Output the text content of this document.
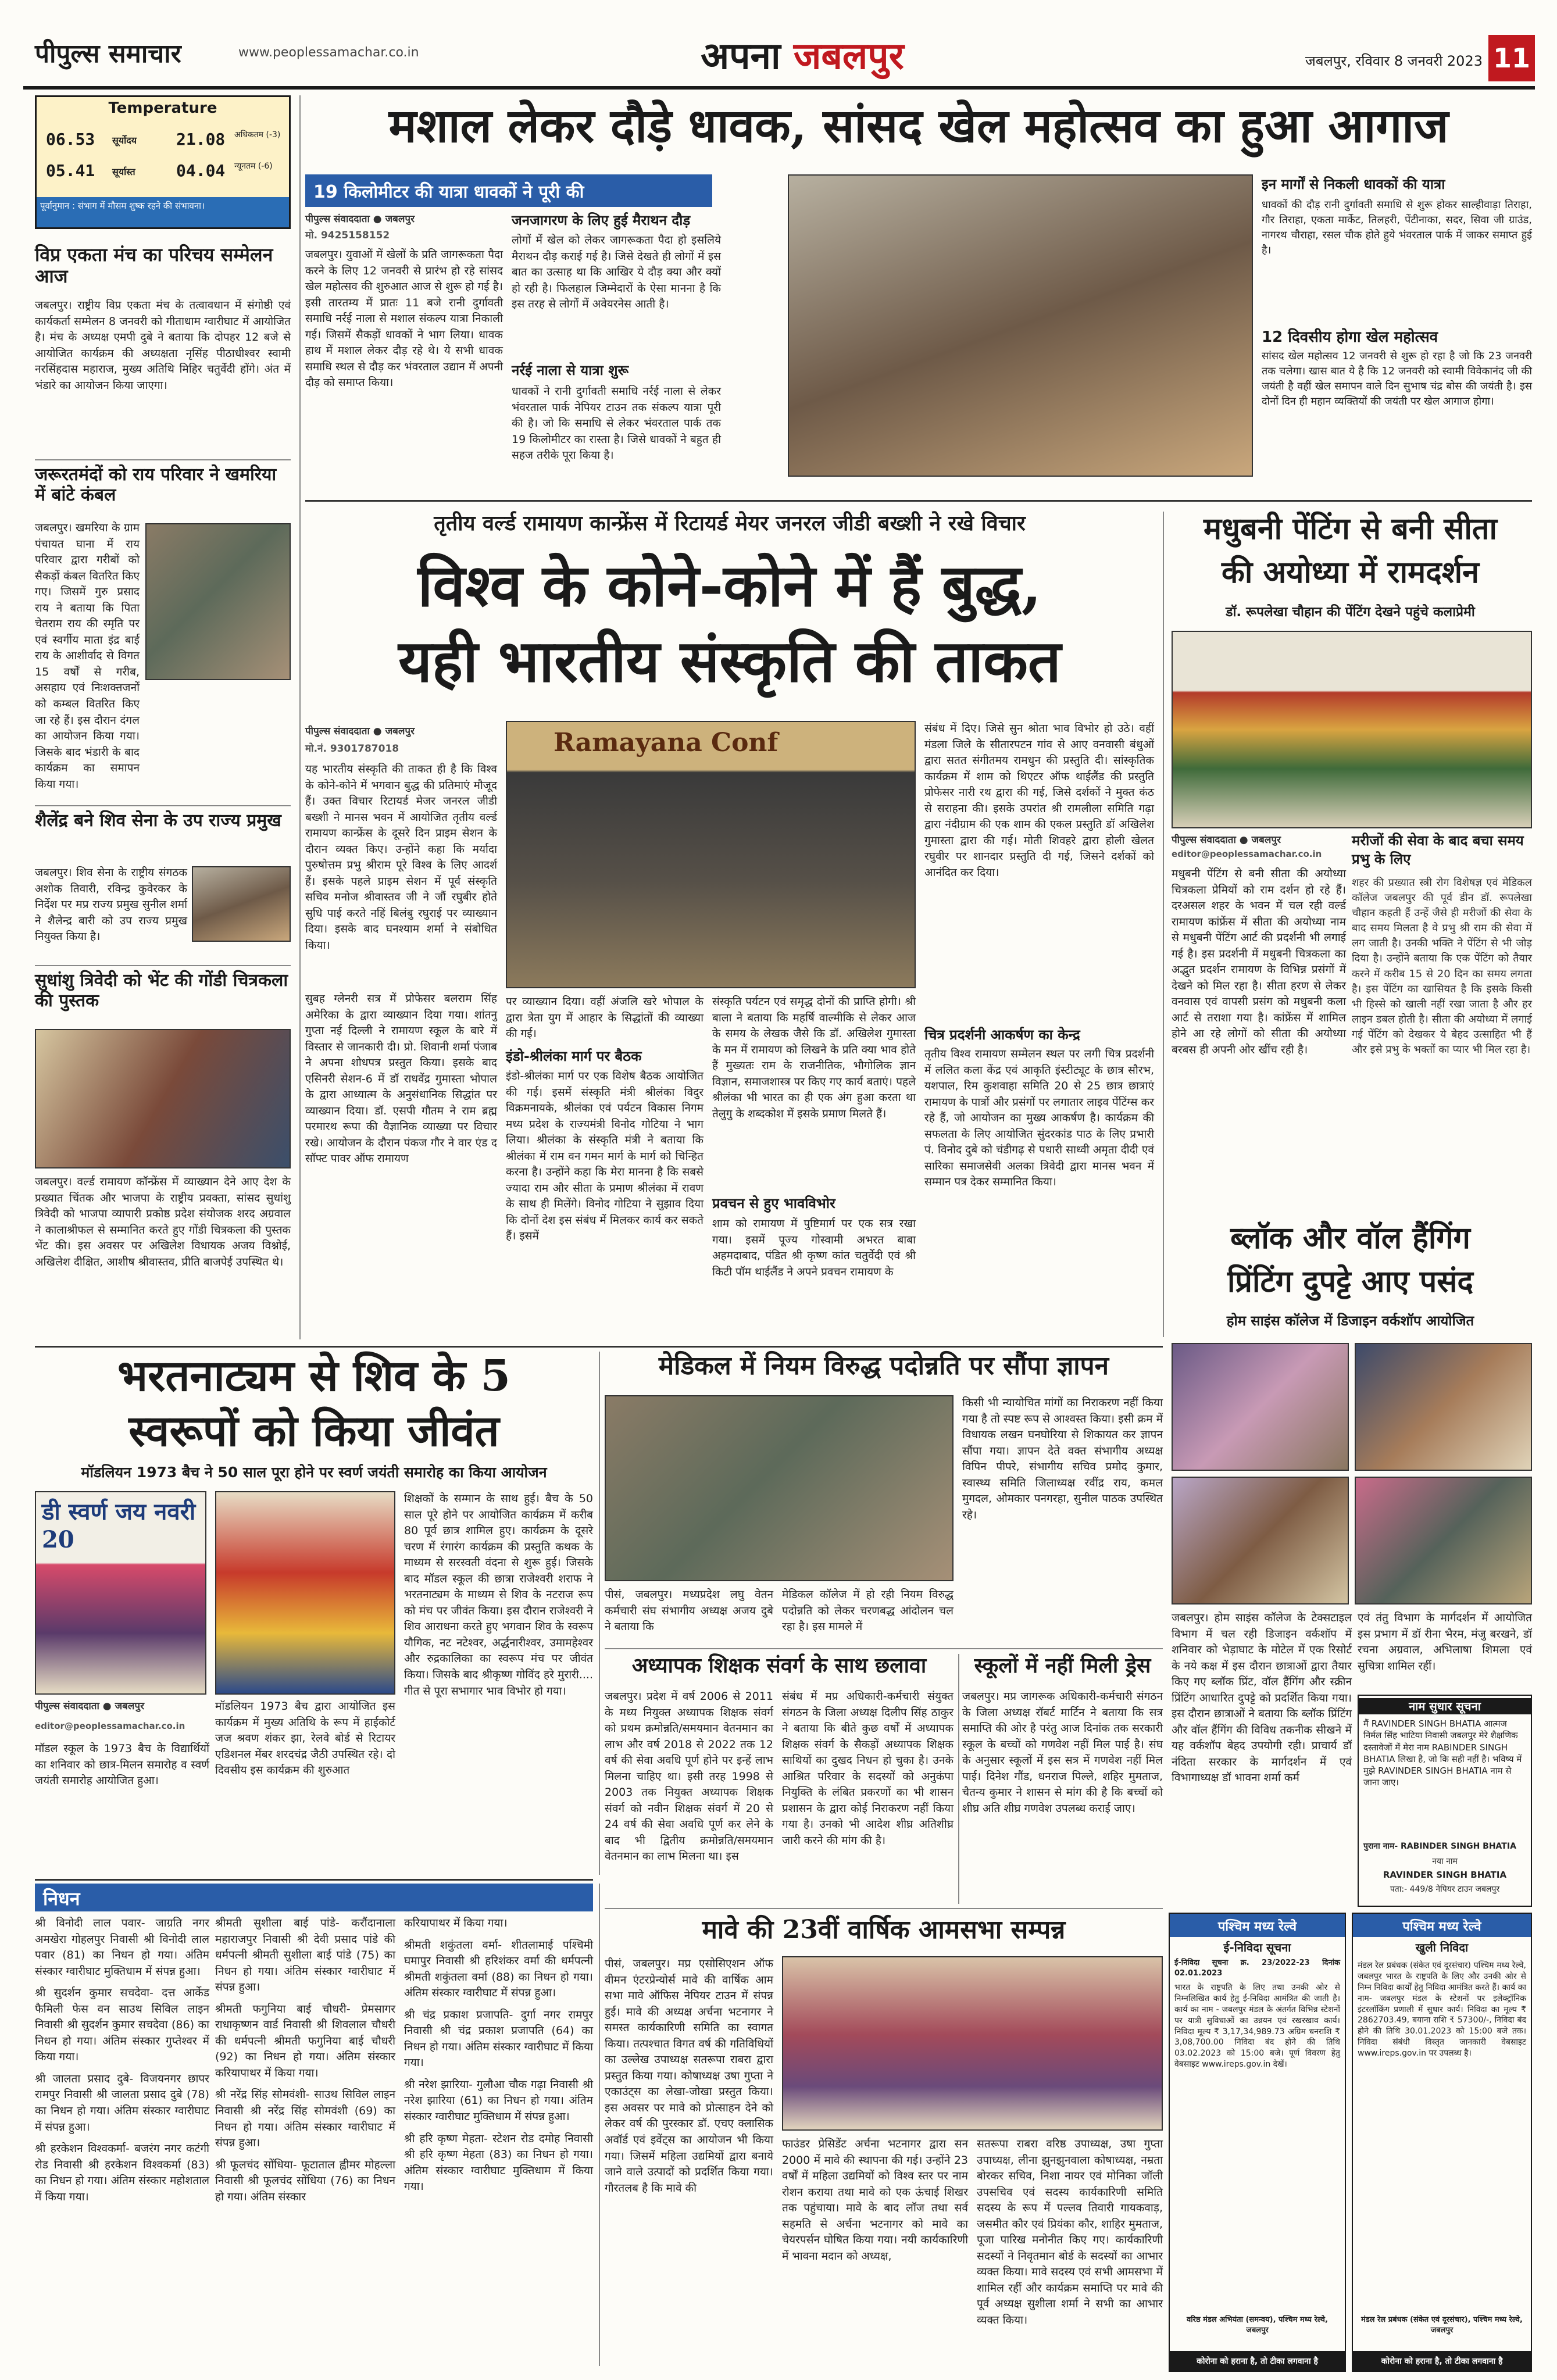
पीपुल्स समाचार	www.peoplessamachar.co.in	अपना जबलपुर	जबलपुर, रविवार 8 जनवरी 2023 11
Temperature
06.53	सूर्योदय
05.41	सूर्यास्त
21.08	अधिकतम (-3)
04.04	न्यूनतम (-6)
पूर्वानुमान : संभाग में मौसम शुष्क रहने की संभावना।
विप्र एकता मंच का परिचय सम्मेलन आज
जबलपुर। राष्ट्रीय विप्र एकता मंच के तत्वावधान में संगोष्ठी एवं कार्यकर्ता सम्मेलन 8 जनवरी को गीताधाम ग्वारीघाट में आयोजित है। मंच के अध्यक्ष एमपी दुबे ने बताया कि दोपहर 12 बजे से आयोजित कार्यक्रम की अध्यक्षता नृसिंह पीठाधीश्वर स्वामी नरसिंहदास महाराज, मुख्य अतिथि मिहिर चतुर्वेदी होंगे। अंत में भंडारे का आयोजन किया जाएगा।
जरूरतमंदों को राय परिवार ने खमरिया में बांटे कंबल
जबलपुर। खमरिया के ग्राम पंचायत घाना में राय परिवार द्वारा गरीबों को सैकड़ों कंबल वितरित किए गए। जिसमें गुरु प्रसाद राय ने बताया कि पिता चेतराम राय की स्मृति पर एवं स्वर्गीय माता इंद्र बाई राय के आशीर्वाद से विगत 15 वर्षों से गरीब, असहाय एवं निःशक्तजनों को कम्बल वितरित किए जा रहे हैं। इस दौरान दंगल का आयोजन किया गया। जिसके बाद भंडारी के बाद कार्यक्रम का समापन किया गया।
शैलेंद्र बने शिव सेना के उप राज्य प्रमुख
जबलपुर। शिव सेना के राष्ट्रीय संगठक अशोक तिवारी, रविन्द्र कुवेरकर के निर्देश पर मप्र राज्य प्रमुख सुनील शर्मा ने शैलेन्द्र बारी को उप राज्य प्रमुख नियुक्त किया है।
सुधांशु त्रिवेदी को भेंट की गोंडी चित्रकला की पुस्तक
जबलपुर। वर्ल्ड रामायण कॉन्फ्रेंस में व्याख्यान देने आए देश के प्रख्यात चिंतक और भाजपा के राष्ट्रीय प्रवक्ता, सांसद सुधांशु त्रिवेदी को भाजपा व्यापारी प्रकोष्ठ प्रदेश संयोजक शरद अग्रवाल ने कालाश्रीफल से सम्मानित करते हुए गोंडी चित्रकला की पुस्तक भेंट की। इस अवसर पर अखिलेश विधायक अजय विश्नोई, अखिलेश दीक्षित, आशीष श्रीवास्तव, प्रीति बाजपेई उपस्थित थे।
मशाल लेकर दौड़े धावक, सांसद खेल महोत्सव का हुआ आगाज
19 किलोमीटर की यात्रा धावकों ने पूरी की
पीपुल्स संवाददाता ● जबलपुर
मो. 9425158152
जबलपुर। युवाओं में खेलों के प्रति जागरूकता पैदा करने के लिए 12 जनवरी से प्रारंभ हो रहे सांसद खेल महोत्सव की शुरुआत आज से शुरू हो गई है। इसी तारतम्य में प्रातः 11 बजे रानी दुर्गावती समाधि नर्रई नाला से मशाल संकल्प यात्रा निकाली गई। जिसमें सैकड़ों धावकों ने भाग लिया। धावक हाथ में मशाल लेकर दौड़ रहे थे। ये सभी धावक समाधि स्थल से दौड़ कर भंवरताल उद्यान में अपनी दौड़ को समाप्त किया।
जनजागरण के लिए हुई मैराथन दौड़
लोगों में खेल को लेकर जागरूकता पैदा हो इसलिये मैराथन दौड़ कराई गई है। जिसे देखते ही लोगों में इस बात का उत्साह था कि आखिर ये दौड़ क्या और क्यों हो रही है। फिलहाल जिम्मेदारों के ऐसा मानना है कि इस तरह से लोगों में अवेयरनेस आती है।
नर्रई नाला से यात्रा शुरू
धावकों ने रानी दुर्गावती समाधि नर्रई नाला से लेकर भंवरताल पार्क नेपियर टाउन तक संकल्प यात्रा पूरी की है। जो कि समाधि से लेकर भंवरताल पार्क तक 19 किलोमीटर का रास्ता है। जिसे धावकों ने बहुत ही सहज तरीके पूरा किया है।
इन मार्गों से निकली धावकों की यात्रा
धावकों की दौड़ रानी दुर्गावती समाधि से शुरू होकर साल्हीवाड़ा तिराहा, गौर तिराहा, एकता मार्केट, तिलहरी, पेंटीनाका, सदर, सिवा जी ग्राउंड, नागरथ चौराहा, रसल चौक होते हुये भंवरताल पार्क में जाकर समाप्त हुई है।
12 दिवसीय होगा खेल महोत्सव
सांसद खेल महोत्सव 12 जनवरी से शुरू हो रहा है जो कि 23 जनवरी तक चलेगा। खास बात ये है कि 12 जनवरी को स्वामी विवेकानंद जी की जयंती है वहीं खेल समापन वाले दिन सुभाष चंद्र बोस की जयंती है। इस दोनों दिन ही महान व्यक्तियों की जयंती पर खेल आगाज होगा।
तृतीय वर्ल्ड रामायण कान्फ्रेंस में रिटायर्ड मेयर जनरल जीडी बख्शी ने रखे विचार
विश्व के कोने-कोने में हैं बुद्ध,
यही भारतीय संस्कृति की ताकत
पीपुल्स संवाददाता ● जबलपुर
मो.नं. 9301787018	Ramayana Conf
यह भारतीय संस्कृति की ताकत ही है कि विश्व के कोने-कोने में भगवान बुद्ध की प्रतिमाएं मौजूद हैं। उक्त विचार रिटायर्ड मेजर जनरल जीडी बख्शी ने मानस भवन में आयोजित तृतीय वर्ल्ड रामायण कान्फ्रेंस के दूसरे दिन प्राइम सेशन के दौरान व्यक्त किए। उन्होंने कहा कि मर्यादा पुरुषोत्तम प्रभु श्रीराम पूरे विश्व के लिए आदर्श हैं। इसके पहले प्राइम सेशन में पूर्व संस्कृति सचिव मनोज श्रीवास्तव जी ने जौं रघुबीर होते सुधि पाई करते नहिं बिलंबु रघुराई पर व्याख्यान दिया। इसके बाद घनश्याम शर्मा ने संबोधित किया।
सुबह ग्लेनरी सत्र में प्रोफेसर बलराम सिंह अमेरिका के द्वारा व्याख्यान दिया गया। शांतनु गुप्ता नई दिल्ली ने रामायण स्कूल के बारे में विस्तार से जानकारी दी। प्रो. शिवानी शर्मा पंजाब ने अपना शोधपत्र प्रस्तुत किया। इसके बाद एसिनरी सेशन-6 में डॉ राधवेंद्र गुमास्ता भोपाल के द्वारा आध्यात्म के अनुसंधानिक सिद्धांत पर व्याख्यान दिया। डॉ. एसपी गौतम ने राम ब्रह्म परमारथ रूपा की वैज्ञानिक व्याख्या पर विचार रखे। आयोजन के दौरान पंकज गौर ने वार एंड द सॉफ्ट पावर ऑफ रामायण
पर व्याख्यान दिया। वहीं अंजलि खरे भोपाल के द्वारा त्रेता युग में आहार के सिद्धांतों की व्याख्या की गई।
इंडो-श्रीलंका मार्ग पर बैठक
इंडो-श्रीलंका मार्ग पर एक विशेष बैठक आयोजित की गई। इसमें संस्कृति मंत्री श्रीलंका विदुर विक्रमनायके, श्रीलंका एवं पर्यटन विकास निगम मध्य प्रदेश के राज्यमंत्री विनोद गोटिया ने भाग लिया। श्रीलंका के संस्कृति मंत्री ने बताया कि श्रीलंका में राम वन गमन मार्ग के मार्ग को चिन्हित करना है। उन्होंने कहा कि मेरा मानना है कि सबसे ज्यादा राम और सीता के प्रमाण श्रीलंका में रावण के साथ ही मिलेंगे। विनोद गोटिया ने सुझाव दिया कि दोनों देश इस संबंध में मिलकर कार्य कर सकते हैं। इसमें
संस्कृति पर्यटन एवं समृद्ध दोनों की प्राप्ति होगी। श्री बाला ने बताया कि महर्षि वाल्मीकि से लेकर आज के समय के लेखक जैसे कि डॉ. अखिलेश गुमास्ता के मन में रामायण को लिखने के प्रति क्या भाव होते हैं मुख्यतः राम के राजनीतिक, भौगोलिक ज्ञान विज्ञान, समाजशास्त्र पर किए गए कार्य बताएं। पहले श्रीलंका भी भारत का ही एक अंग हुआ करता था तेलुगु के शब्दकोश में इसके प्रमाण मिलते हैं।
प्रवचन से हुए भावविभोर
शाम को रामायण में पुष्टिमार्ग पर एक सत्र रखा गया। इसमें पूज्य गोस्वामी अभरत बाबा अहमदाबाद, पंडित श्री कृष्ण कांत चतुर्वेदी एवं श्री किटी पॉम थाईलैंड ने अपने प्रवचन रामायण के
संबंध में दिए। जिसे सुन श्रोता भाव विभोर हो उठे। वहीं मंडला जिले के सीतारपटन गांव से आए वनवासी बंधुओं द्वारा सतत संगीतमय रामधुन की प्रस्तुति दी। सांस्कृतिक कार्यक्रम में शाम को थिएटर ऑफ थाईलैंड की प्रस्तुति प्रोफेसर नारी रथ द्वारा की गई, जिसे दर्शकों ने मुक्त कंठ से सराहना की। इसके उपरांत श्री रामलीला समिति गढ़ा द्वारा नंदीग्राम की एक शाम की एकल प्रस्तुति डॉ अखिलेश गुमास्ता द्वारा की गई। मोती शिवहरे द्वारा होली खेलत रघुवीर पर शानदार प्रस्तुति दी गई, जिसने दर्शकों को आनंदित कर दिया।
चित्र प्रदर्शनी आकर्षण का केन्द्र
तृतीय विश्व रामायण सम्मेलन स्थल पर लगी चित्र प्रदर्शनी में ललित कला केंद्र एवं आकृति इंस्टीट्यूट के छात्र सौरभ, यशपाल, रिम कुशवाहा समिति 20 से 25 छात्र छात्राएं रामायण के पात्रों और प्रसंगों पर लगातार लाइव पेंटिंग्स कर रहे हैं, जो आयोजन का मुख्य आकर्षण है। कार्यक्रम की सफलता के लिए आयोजित सुंदरकांड पाठ के लिए प्रभारी पं. विनोद दुबे को चंडीगढ़ से पधारी साध्वी अमृता दीदी एवं सारिका समाजसेवी अलका त्रिवेदी द्वारा मानस भवन में सम्मान पत्र देकर सम्मानित किया।
मधुबनी पेंटिंग से बनी सीता
की अयोध्या में रामदर्शन
डॉ. रूपलेखा चौहान की पेंटिंग देखने पहुंचे कलाप्रेमी
पीपुल्स संवाददाता ● जबलपुर
editor@peoplessamachar.co.in
मधुबनी पेंटिंग से बनी सीता की अयोध्या चित्रकला प्रेमियों को राम दर्शन हो रहे हैं। दरअसल शहर के भवन में चल रही वर्ल्ड रामायण कांफ्रेंस में सीता की अयोध्या नाम से मधुबनी पेंटिंग आर्ट की प्रदर्शनी भी लगाई गई है। इस प्रदर्शनी में मधुबनी चित्रकला का अद्भुत प्रदर्शन रामायण के विभिन्न प्रसंगों में देखने को मिल रहा है। सीता हरण से लेकर वनवास एवं वापसी प्रसंग को मधुबनी कला आर्ट से तराशा गया है। कांफ्रेंस में शामिल होने आ रहे लोगों को सीता की अयोध्या बरबस ही अपनी ओर खींच रही है।
मरीजों की सेवा के बाद बचा समय प्रभु के लिए
शहर की प्रख्यात स्त्री रोग विशेषज्ञ एवं मेडिकल कॉलेज जबलपुर की पूर्व डीन डॉ. रूपलेखा चौहान कहती हैं उन्हें जैसे ही मरीजों की सेवा के बाद समय मिलता है वे प्रभु श्री राम की सेवा में लग जाती है। उनकी भक्ति ने पेंटिंग से भी जोड़ दिया है। उन्होंने बताया कि एक पेंटिंग को तैयार करने में करीब 15 से 20 दिन का समय लगता है। इस पेंटिंग का खासियत है कि इसके किसी भी हिस्से को खाली नहीं रखा जाता है और हर लाइन डबल होती है। सीता की अयोध्या में लगाई गई पेंटिंग को देखकर ये बेहद उत्साहित भी हैं और इसे प्रभु के भक्तों का प्यार भी मिल रहा है।
ब्लॉक और वॉल हैंगिंग
प्रिंटिंग दुपट्टे आए पसंद
होम साइंस कॉलेज में डिजाइन वर्कशॉप आयोजित
जबलपुर। होम साइंस कॉलेज के टेक्सटाइल विभाग में चल रही डिजाइन वर्कशॉप में शनिवार को भेड़ाघाट के मोटेल में एक रिसोर्ट के नये कक्ष में इस दौरान छात्राओं द्वारा तैयार किए गए ब्लॉक प्रिंट, वॉल हैंगिंग और स्क्रीन प्रिंटिंग आधारित दुपट्टे को प्रदर्शित किया गया। इस दौरान छात्राओं ने बताया कि ब्लॉक प्रिंटिंग और वॉल हैंगिंग की विविध तकनीक सीखने में यह वर्कशॉप बेहद उपयोगी रही। प्राचार्य डॉ नंदिता सरकार के मार्गदर्शन में एवं विभागाध्यक्ष डॉ भावना शर्मा कर्म
एवं तंतु विभाग के मार्गदर्शन में आयोजित इस प्रभाग में डॉ रीना भैरम, मंजु बरखने, डॉ रचना अग्रवाल, अभिलाषा शिमला एवं सुचित्रा शामिल रहीं।
नाम सुधार सूचना
मैं RAVINDER SINGH BHATIA आत्मज निर्मल सिंह भाटिया निवासी जबलपुर मेरे शैक्षणिक दस्तावेजों में मेरा नाम RABINDER SINGH BHATIA लिखा है, जो कि सही नहीं है। भविष्य में मुझे RAVINDER SINGH BHATIA नाम से जाना जाए।
पुराना नाम- RABINDER SINGH BHATIA
नया नाम
RAVINDER SINGH BHATIA
पता:- 449/8 नेपियर टाउन जबलपुर
भरतनाट्यम से शिव के 5
स्वरूपों को किया जीवंत
मॉडलियन 1973 बैच ने 50 साल पूरा होने पर स्वर्ण जयंती समारोह का किया आयोजन
डी स्वर्ण जय नवरी 20
पीपुल्स संवाददाता ● जबलपुर
editor@peoplessamachar.co.in
मॉडल स्कूल के 1973 बैच के विद्यार्थियों का शनिवार को छात्र-मिलन समारोह व स्वर्ण जयंती समारोह आयोजित हुआ।
मॉडलियन 1973 बैच द्वारा आयोजित इस कार्यक्रम में मुख्य अतिथि के रूप में हाईकोर्ट जज श्रवण शंकर झा, रेलवे बोर्ड से रिटायर एडिशनल मेंबर शरदचंद्र जैठी उपस्थित रहे। दो दिवसीय इस कार्यक्रम की शुरुआत
शिक्षकों के सम्मान के साथ हुई। बैच के 50 साल पूरे होने पर आयोजित कार्यक्रम में करीब 80 पूर्व छात्र शामिल हुए। कार्यक्रम के दूसरे चरण में रंगारंग कार्यक्रम की प्रस्तुति कथक के माध्यम से सरस्वती वंदना से शुरू हुई। जिसके बाद मॉडल स्कूल की छात्रा राजेश्वरी शराफ ने भरतनाट्यम के माध्यम से शिव के नटराज रूप को मंच पर जीवंत किया। इस दौरान राजेश्वरी ने शिव आराधना करते हुए भगवान शिव के स्वरूप यौगिक, नट नटेश्वर, अर्द्धनारीश्वर, उमामहेश्वर और रुद्रकालिका का स्वरूप मंच पर जीवंत किया। जिसके बाद श्रीकृष्ण गोविंद हरे मुरारी.... गीत से पूरा सभागार भाव विभोर हो गया।
मेडिकल में नियम विरुद्ध पदोन्नति पर सौंपा ज्ञापन
पीसं, जबलपुर। मध्यप्रदेश लघु वेतन कर्मचारी संघ संभागीय अध्यक्ष अजय दुबे ने बताया कि
मेडिकल कॉलेज में हो रही नियम विरुद्ध पदोन्नति को लेकर चरणबद्ध आंदोलन चल रहा है। इस मामले में
किसी भी न्यायोचित मांगों का निराकरण नहीं किया गया है तो स्पष्ट रूप से आश्वस्त किया। इसी क्रम में विधायक लखन घनघोरिया से शिकायत कर ज्ञापन सौंपा गया। ज्ञापन देते वक्त संभागीय अध्यक्ष विपिन पीपरे, संभागीय सचिव प्रमोद कुमार, स्वास्थ्य समिति जिलाध्यक्ष रवींद्र राय, कमल मुगदल, ओमकार पनगरहा, सुनील पाठक उपस्थित रहे।
अध्यापक शिक्षक संवर्ग के साथ छलावा
जबलपुर। प्रदेश में वर्ष 2006 से 2011 के मध्य नियुक्त अध्यापक शिक्षक संवर्ग को प्रथम क्रमोन्नति/समयमान वेतनमान का लाभ और वर्ष 2018 से 2022 तक 12 वर्ष की सेवा अवधि पूर्ण होने पर इन्हें लाभ मिलना चाहिए था। इसी तरह 1998 से 2003 तक नियुक्त अध्यापक शिक्षक संवर्ग को नवीन शिक्षक संवर्ग में 20 से 24 वर्ष की सेवा अवधि पूर्ण कर लेने के बाद भी द्वितीय क्रमोन्नति/समयमान वेतनमान का लाभ मिलना था। इस
संबंध में मप्र अधिकारी-कर्मचारी संयुक्त संगठन के जिला अध्यक्ष दिलीप सिंह ठाकुर ने बताया कि बीते कुछ वर्षों में अध्यापक शिक्षक संवर्ग के सैकड़ों अध्यापक शिक्षक साथियों का दुखद निधन हो चुका है। उनके आश्रित परिवार के सदस्यों को अनुकंपा नियुक्ति के लंबित प्रकरणों का भी शासन प्रशासन के द्वारा कोई निराकरण नहीं किया गया है। उनको भी आदेश शीघ्र अतिशीघ्र जारी करने की मांग की है।
स्कूलों में नहीं मिली ड्रेस
जबलपुर। मप्र जागरूक अधिकारी-कर्मचारी संगठन के जिला अध्यक्ष रॉबर्ट मार्टिन ने बताया कि सत्र समाप्ति की ओर है परंतु आज दिनांक तक सरकारी स्कूल के बच्चों को गणवेश नहीं मिल पाई है। संघ के अनुसार स्कूलों में इस सत्र में गणवेश नहीं मिल पाई। दिनेश गौंड, धनराज पिल्ले, शहिर मुमताज, चैतन्य कुमार ने शासन से मांग की है कि बच्चों को शीघ्र अति शीघ्र गणवेश उपलब्ध कराई जाए।
निधन

श्री विनोदी लाल पवार- जाग्रति नगर अमखेरा गोहलपुर निवासी श्री विनोदी लाल पवार (81) का निधन हो गया। अंतिम संस्कार ग्वारीघाट मुक्तिधाम में संपन्न हुआ।

श्री सुदर्शन कुमार सचदेवा- दत्त आर्केड फैमिली फेस वन साउथ सिविल लाइन निवासी श्री सुदर्शन कुमार सचदेवा (86) का निधन हो गया। अंतिम संस्कार गुप्तेश्वर में किया गया।

श्री जालता प्रसाद दुबे- विजयनगर छापर रामपुर निवासी श्री जालता प्रसाद दुबे (78) का निधन हो गया। अंतिम संस्कार ग्वारीघाट में संपन्न हुआ।

श्री हरकेशन विश्वकर्मा- बजरंग नगर कटंगी रोड निवासी श्री हरकेशन विश्वकर्मा (83) का निधन हो गया। अंतिम संस्कार महोशताल में किया गया।

श्रीमती सुशीला बाई पांडे- करौंदानाला महाराजपुर निवासी श्री देवी प्रसाद पांडे की धर्मपत्नी श्रीमती सुशीला बाई पांडे (75) का निधन हो गया। अंतिम संस्कार ग्वारीघाट में संपन्न हुआ।

श्रीमती फगुनिया बाई चौधरी- प्रेमसागर राधाकृष्णन वार्ड निवासी श्री शिवलाल चौधरी की धर्मपत्नी श्रीमती फगुनिया बाई चौधरी (92) का निधन हो गया। अंतिम संस्कार करियापाथर में किया गया।

श्री नरेंद्र सिंह सोमवंशी- साउथ सिविल लाइन निवासी श्री नरेंद्र सिंह सोमवंशी (69) का निधन हो गया। अंतिम संस्कार ग्वारीघाट में संपन्न हुआ।

श्री फूलचंद सोंधिया- फूटाताल ह्वीमर मोहल्ला निवासी श्री फूलचंद सोंधिया (76) का निधन हो गया। अंतिम संस्कार

करियापाथर में किया गया।

श्रीमती शकुंतला वर्मा- शीतलामाई पश्चिमी घमापुर निवासी श्री हरिशंकर वर्मा की धर्मपत्नी श्रीमती शकुंतला वर्मा (88) का निधन हो गया। अंतिम संस्कार ग्वारीघाट में संपन्न हुआ।

श्री चंद्र प्रकाश प्रजापति- दुर्गा नगर रामपुर निवासी श्री चंद्र प्रकाश प्रजापति (64) का निधन हो गया। अंतिम संस्कार ग्वारीघाट में किया गया।

श्री नरेश झारिया- गुलौआ चौक गढ़ा निवासी श्री नरेश झारिया (61) का निधन हो गया। अंतिम संस्कार ग्वारीघाट मुक्तिधाम में संपन्न हुआ।

श्री हरि कृष्ण मेहता- स्टेशन रोड दमोह निवासी श्री हरि कृष्ण मेहता (83) का निधन हो गया। अंतिम संस्कार ग्वारीघाट मुक्तिधाम में किया गया।

मावे की 23वीं वार्षिक आमसभा सम्पन्न
पीसं, जबलपुर। मप्र एसोसिएशन ऑफ वीमन एंटरप्रेन्योर्स मावे की वार्षिक आम सभा मावे ऑफिस नेपियर टाउन में संपन्न हुई। मावे की अध्यक्ष अर्चना भटनागर ने समस्त कार्यकारिणी समिति का स्वागत किया। तत्पश्चात विगत वर्ष की गतिविधियों का उल्लेख उपाध्यक्ष सतरूपा राबरा द्वारा प्रस्तुत किया गया। कोषाध्यक्ष उषा गुप्ता ने एकाउंट्स का लेखा-जोखा प्रस्तुत किया। इस अवसर पर मावे को प्रोत्साहन देने को लेकर वर्ष की पुरस्कार डॉ. एचए क्लासिक अवॉर्ड एवं इवेंट्स का आयोजन भी किया गया। जिसमें महिला उद्यमियों द्वारा बनाये जाने वाले उत्पादों को प्रदर्शित किया गया। गौरतलब है कि मावे की
फाउंडर प्रेसिडेंट अर्चना भटनागर द्वारा सन 2000 में मावे की स्थापना की गई। उन्होंने 23 वर्षों में महिला उद्यमियों को विश्व स्तर पर नाम रोशन कराया तथा मावे को एक ऊंचाई शिखर तक पहुंचाया। मावे के बाद लॉज तथा सर्व सहमति से अर्चना भटनागर को मावे का चेयरपर्सन घोषित किया गया। नयी कार्यकारिणी में भावना मदान को अध्यक्ष,
सतरूपा राबरा वरिष्ठ उपाध्यक्ष, उषा गुप्ता उपाध्यक्ष, लीना झुनझुनवाला कोषाध्यक्ष, नम्रता बोरकर सचिव, निशा नायर एवं मोनिका जॉली उपसचिव एवं सदस्य कार्यकारिणी समिति सदस्य के रूप में पल्लव तिवारी गायकवाड़, जसमीत कौर एवं प्रियंका कौर, शाहिर मुमताज, पूजा पारिख मनोनीत किए गए। कार्यकारिणी सदस्यों ने निवृतमान बोर्ड के सदस्यों का आभार व्यक्त किया। मावे सदस्य एवं सभी आमसभा में शामिल रहीं और कार्यक्रम समाप्ति पर मावे की पूर्व अध्यक्ष सुशीला शर्मा ने सभी का आभार व्यक्त किया।
पश्चिम मध्य रेल्वे
ई-निविदा सूचना
ई-निविदा सूचना क्र. 23/2022-23 दिनांक 02.01.2023
भारत के राष्ट्रपति के लिए तथा उनकी ओर से निम्नलिखित कार्य हेतु ई-निविदा आमंत्रित की जाती है। कार्य का नाम - जबलपुर मंडल के अंतर्गत विभिन्न स्टेशनों पर यात्री सुविधाओं का उन्नयन एवं रखरखाव कार्य। निविदा मूल्य ₹ 3,17,34,989.73 अग्रिम धनराशि ₹ 3,08,700.00 निविदा बंद होने की तिथि 03.02.2023 को 15:00 बजे। पूर्ण विवरण हेतु वेबसाइट www.ireps.gov.in देखें।
वरिष्ठ मंडल अभियंता (समन्वय), पश्चिम मध्य रेल्वे, जबलपुर
कोरोना को हराना है, तो टीका लगवाना है
पश्चिम मध्य रेल्वे
खुली निविदा
मंडल रेल प्रबंधक (संकेत एवं दूरसंचार) पश्चिम मध्य रेल्वे, जबलपुर भारत के राष्ट्रपति के लिए और उनकी ओर से निम्न निविदा कार्यों हेतु निविदा आमंत्रित करते हैं। कार्य का नाम- जबलपुर मंडल के स्टेशनों पर इलेक्ट्रॉनिक इंटरलॉकिंग प्रणाली में सुधार कार्य। निविदा का मूल्य ₹ 2862703.49, बयाना राशि ₹ 57300/-, निविदा बंद होने की तिथि 30.01.2023 को 15:00 बजे तक। निविदा संबंधी विस्तृत जानकारी वेबसाइट www.ireps.gov.in पर उपलब्ध है।
मंडल रेल प्रबंधक (संकेत एवं दूरसंचार), पश्चिम मध्य रेल्वे, जबलपुर
कोरोना को हराना है, तो टीका लगवाना है
